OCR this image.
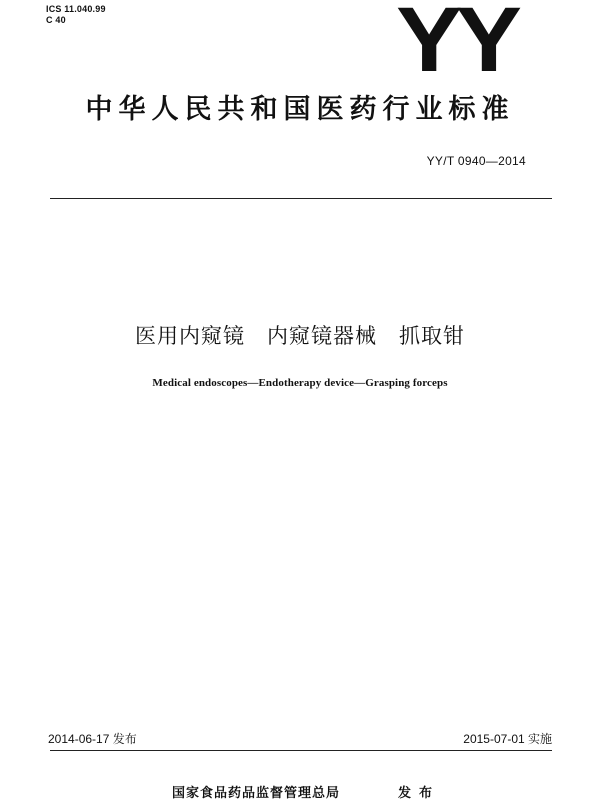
ICS 11.040.99
C 40	YY
中华人民共和国医药行业标准
YY/T 0940—2014
医用内窥镜 内窥镜器械 抓取钳
Medical endoscopes—Endotherapy device—Grasping forceps
2014-06-17 发布	2015-07-01 实施
国家食品药品监督管理总局	发布
